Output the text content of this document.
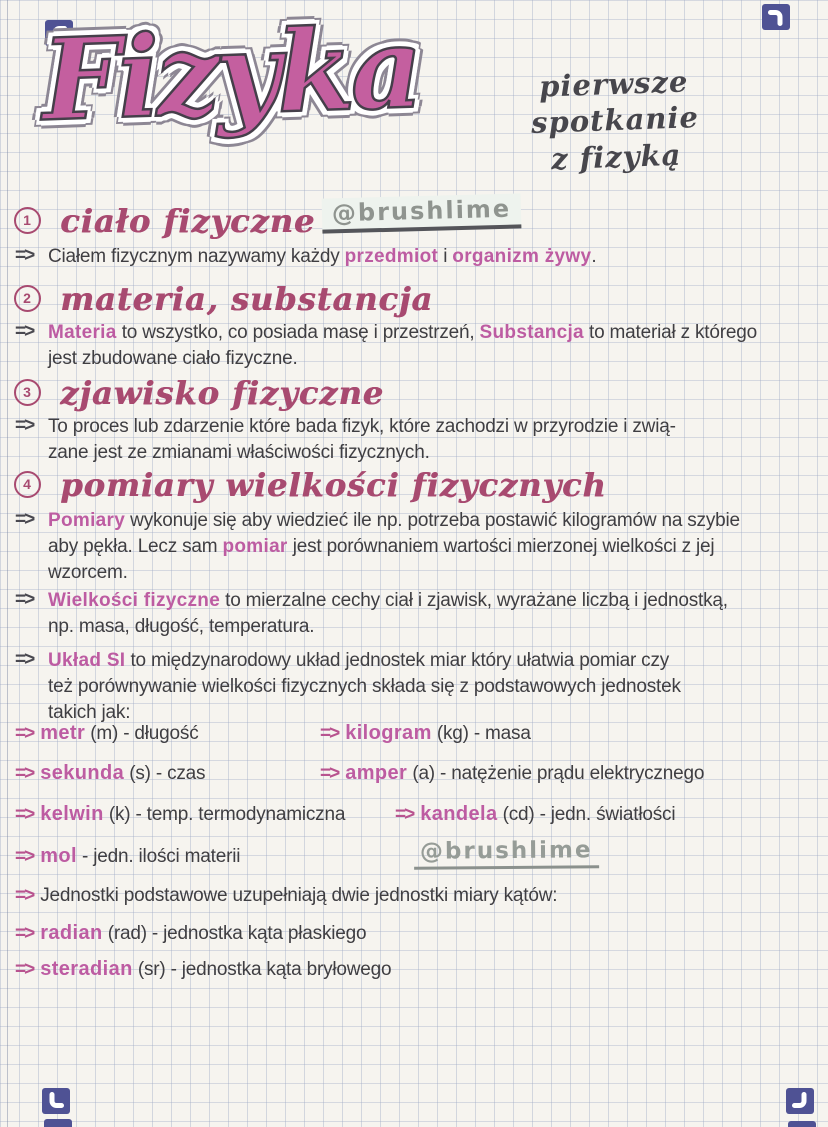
Fizyka	pierwsze spotkanie
z fizyką
@brushlime
1 ciało fizyczne
=> Ciałem fizycznym nazywamy każdy przedmiot i organizm żywy.
2 materia, substancja
=> Materia to wszystko, co posiada masę i przestrzeń, Substancja to materiał z którego
jest zbudowane ciało fizyczne.
3 zjawisko fizyczne
=> To proces lub zdarzenie które bada fizyk, które zachodzi w przyrodzie i zwią-
zane jest ze zmianami właściwości fizycznych.
4 pomiary wielkości fizycznych
=> Pomiary wykonuje się aby wiedzieć ile np. potrzeba postawić kilogramów na szybie
aby pękła. Lecz sam pomiar jest porównaniem wartości mierzonej wielkości z jej
wzorcem.
=> Wielkości fizyczne to mierzalne cechy ciał i zjawisk, wyrażane liczbą i jednostką,
np. masa, długość, temperatura.
=> Układ SI to międzynarodowy układ jednostek miar który ułatwia pomiar czy
też porównywanie wielkości fizycznych składa się z podstawowych jednostek
takich jak:
=> metr (m) - długość	=> kilogram (kg) - masa
=> sekunda (s) - czas	=> amper (a) - natężenie prądu elektrycznego
=> kelwin (k) - temp. termodynamiczna	=> kandela (cd) - jedn. światłości
=> mol - jedn. ilości materii	@brushlime
=> Jednostki podstawowe uzupełniają dwie jednostki miary kątów:
=> radian (rad) - jednostka kąta płaskiego
=> steradian (sr) - jednostka kąta bryłowego
